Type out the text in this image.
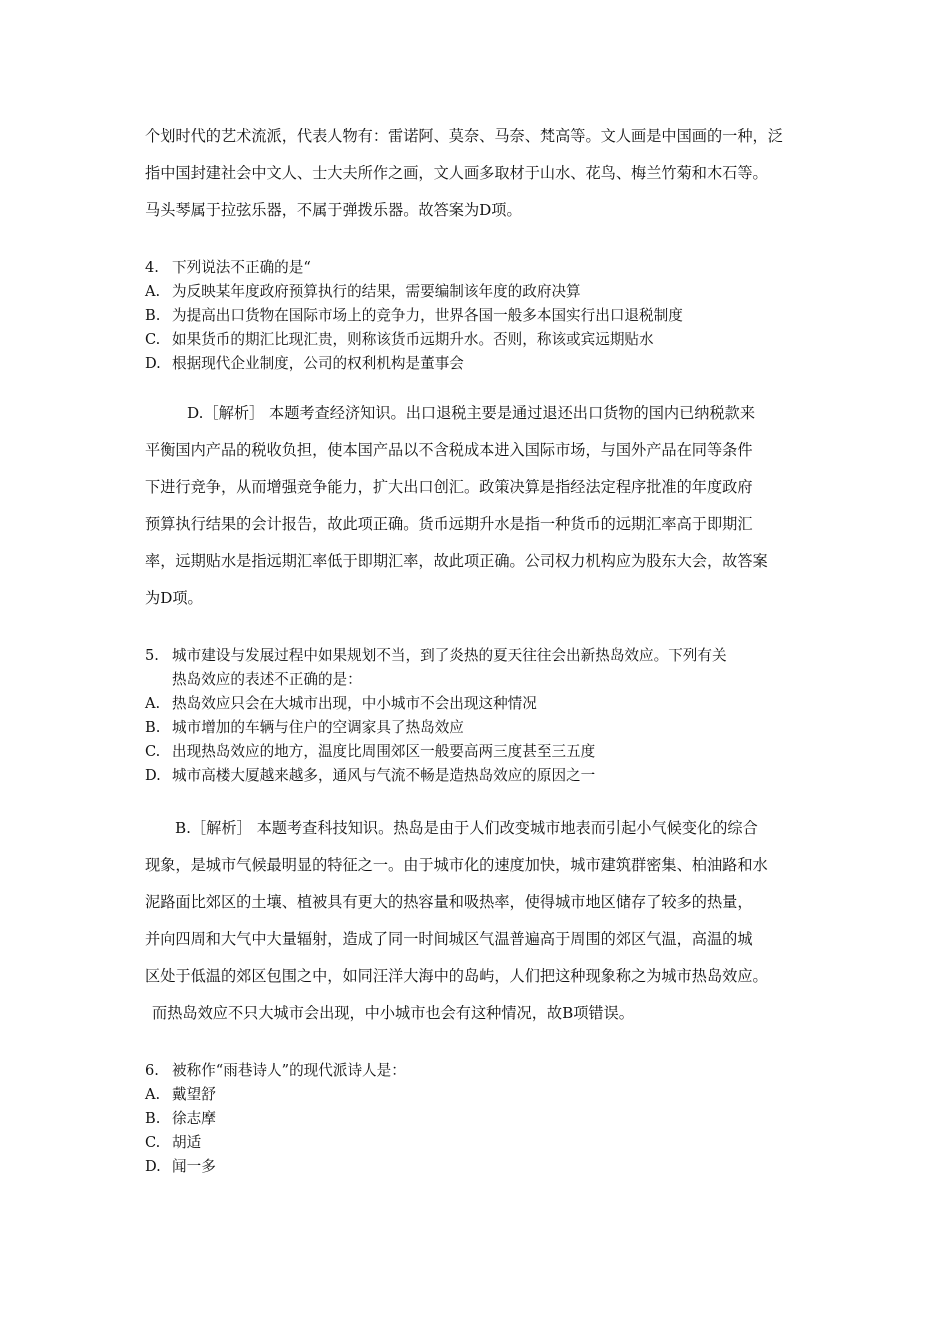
个划时代的艺术流派，代表人物有：雷诺阿、莫奈、马奈、梵高等。文人画是中国画的一种，泛
指中国封建社会中文人、士大夫所作之画，文人画多取材于山水、花鸟、梅兰竹菊和木石等。
马头琴属于拉弦乐器，不属于弹拨乐器。故答案为D项。
4. 下列说法不正确的是“
A. 为反映某年度政府预算执行的结果，需要编制该年度的政府决算
B. 为提高出口货物在国际市场上的竞争力，世界各国一般多本国实行出口退税制度
C. 如果货币的期汇比现汇贵，则称该货币远期升水。否则，称该或宾远期贴水
D. 根据现代企业制度，公司的权利机构是董事会
D.［解析］ 本题考查经济知识。出口退税主要是通过退还出口货物的国内已纳税款来
平衡国内产品的税收负担，使本国产品以不含税成本进入国际市场，与国外产品在同等条件
下进行竞争，从而增强竞争能力，扩大出口创汇。政策决算是指经法定程序批准的年度政府
预算执行结果的会计报告，故此项正确。货币远期升水是指一种货币的远期汇率高于即期汇
率，远期贴水是指远期汇率低于即期汇率，故此项正确。公司权力机构应为股东大会，故答案
为D项。
5. 城市建设与发展过程中如果规划不当，到了炎热的夏天往往会出新热岛效应。下列有关
热岛效应的表述不正确的是：
A. 热岛效应只会在大城市出现，中小城市不会出现这种情况
B. 城市增加的车辆与住户的空调家具了热岛效应
C. 出现热岛效应的地方，温度比周围郊区一般要高两三度甚至三五度
D. 城市高楼大厦越来越多，通风与气流不畅是造热岛效应的原因之一
B.［解析］ 本题考查科技知识。热岛是由于人们改变城市地表而引起小气候变化的综合
现象，是城市气候最明显的特征之一。由于城市化的速度加快，城市建筑群密集、柏油路和水
泥路面比郊区的土壤、植被具有更大的热容量和吸热率，使得城市地区储存了较多的热量，
并向四周和大气中大量辐射，造成了同一时间城区气温普遍高于周围的郊区气温，高温的城
区处于低温的郊区包围之中，如同汪洋大海中的岛屿，人们把这种现象称之为城市热岛效应。
而热岛效应不只大城市会出现，中小城市也会有这种情况，故B项错误。
6. 被称作“雨巷诗人”的现代派诗人是：
A. 戴望舒
B. 徐志摩
C. 胡适
D. 闻一多
